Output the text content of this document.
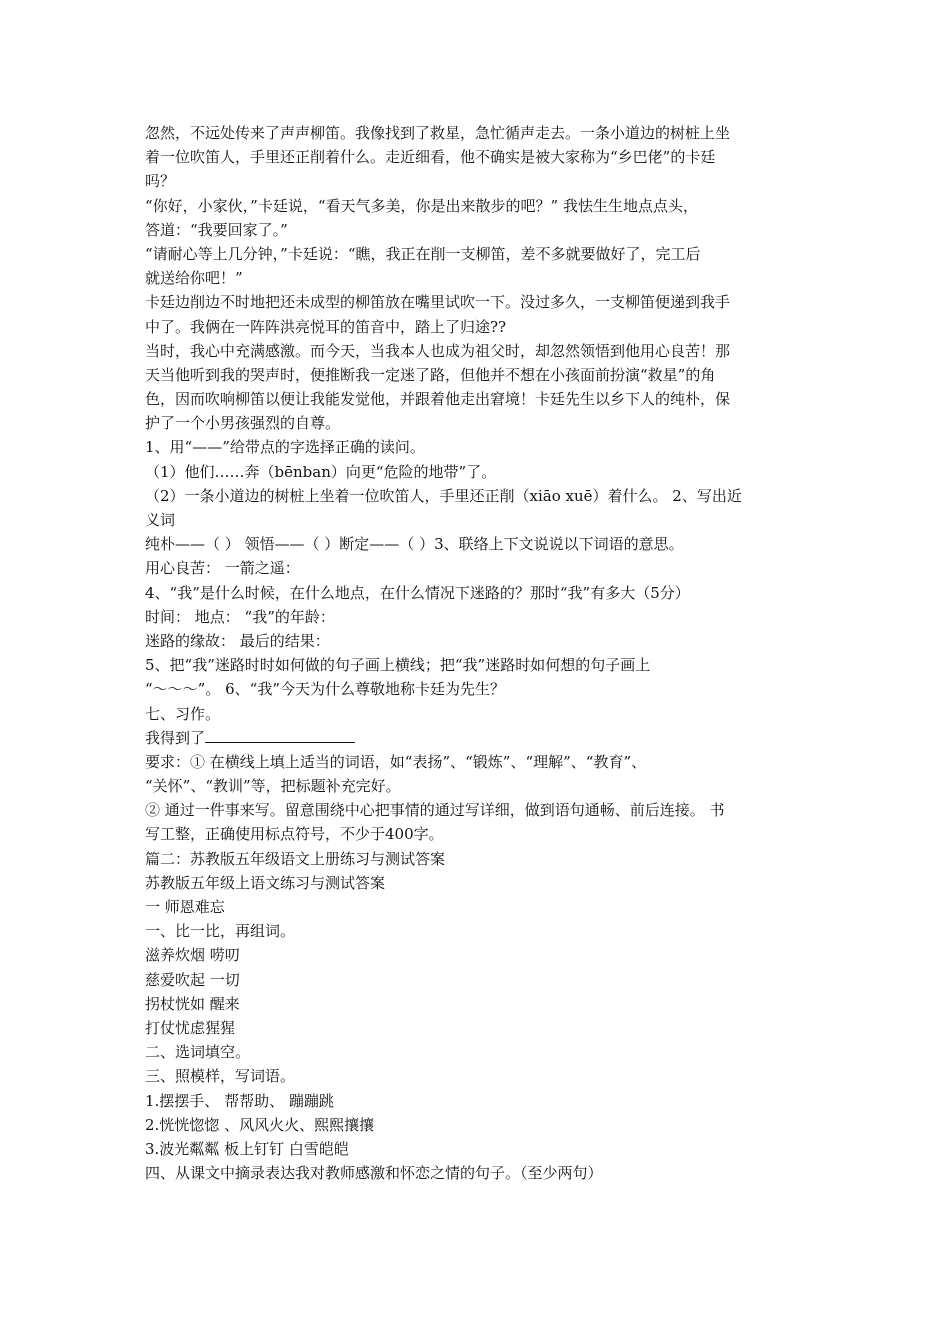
忽然，不远处传来了声声柳笛。我像找到了救星，急忙循声走去。一条小道边的树桩上坐
着一位吹笛人，手里还正削着什么。走近细看，他不确实是被大家称为“乡巴佬”的卡廷
吗？
“你好，小家伙，”卡廷说，“看天气多美，你是出来散步的吧？” 我怯生生地点点头，
答道：“我要回家了。”
“请耐心等上几分钟，”卡廷说：“瞧，我正在削一支柳笛，差不多就要做好了，完工后
就送给你吧！”
卡廷边削边不时地把还未成型的柳笛放在嘴里试吹一下。没过多久，一支柳笛便递到我手
中了。我俩在一阵阵洪亮悦耳的笛音中，踏上了归途??
当时，我心中充满感激。而今天，当我本人也成为祖父时，却忽然领悟到他用心良苦！那
天当他听到我的哭声时，便推断我一定迷了路，但他并不想在小孩面前扮演“救星”的角
色，因而吹响柳笛以便让我能发觉他，并跟着他走出窘境！卡廷先生以乡下人的纯朴，保
护了一个小男孩强烈的自尊。
1、用“——”给带点的字选择正确的读问。
（1）他们……奔（bēnban）向更“危险的地带”了。
（2）一条小道边的树桩上坐着一位吹笛人，手里还正削（xiāo xuē）着什么。 2、写出近
义词
纯朴——（ ） 领悟——（ ）断定——（ ）3、联络上下文说说以下词语的意思。
用心良苦： 一箭之遥：
4、“我”是什么时候，在什么地点，在什么情况下迷路的？那时“我”有多大（5分）
时间： 地点： “我”的年龄：
迷路的缘故： 最后的结果：
5、把“我”迷路时时如何做的句子画上横线；把“我”迷路时如何想的句子画上
“～～～”。 6、“我”今天为什么尊敬地称卡廷为先生？
七、习作。
我得到了
要求：① 在横线上填上适当的词语，如“表扬”、“锻炼”、“理解”、“教育”、
“关怀”、“教训”等，把标题补充完好。
② 通过一件事来写。留意围绕中心把事情的通过写详细，做到语句通畅、前后连接。 书
写工整，正确使用标点符号，不少于400字。
篇二：苏教版五年级语文上册练习与测试答案
苏教版五年级上语文练习与测试答案
一 师恩难忘
一、比一比，再组词。
滋养炊烟 唠叨
慈爱吹起 一切
拐杖恍如 醒来
打仗忧虑猩猩
二、选词填空。
三、照模样，写词语。
1.摆摆手、 帮帮助、 蹦蹦跳
2.恍恍惚惚 、风风火火、熙熙攘攘
3.波光粼粼 板上钉钉 白雪皑皑
四、从课文中摘录表达我对教师感激和怀恋之情的句子。（至少两句）
